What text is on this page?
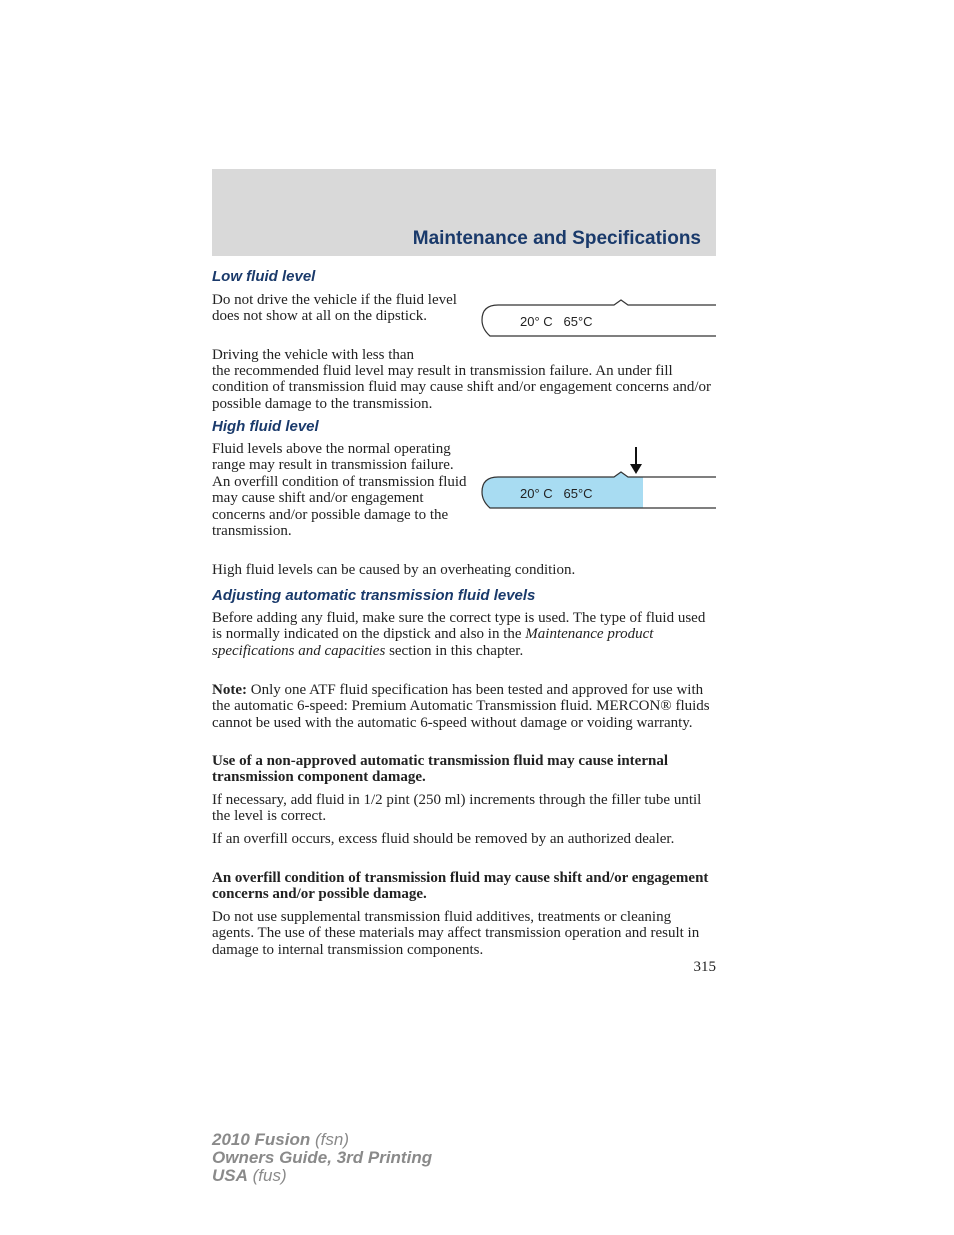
Maintenance and Specifications
Low fluid level

Do not drive the vehicle if the fluid level does not show at all on the dipstick.

Driving the vehicle with less than

the recommended fluid level may result in transmission failure. An under fill condition of transmission fluid may cause shift and/or engagement concerns and/or possible damage to the transmission.

20° C   65°C
High fluid level

Fluid levels above the normal operating range may result in transmission failure. An overfill condition of transmission fluid may cause shift and/or engagement concerns and/or possible damage to the transmission.

High fluid levels can be caused by an overheating condition.

20° C   65°C
Adjusting automatic transmission fluid levels

Before adding any fluid, make sure the correct type is used. The type of fluid used is normally indicated on the dipstick and also in the Maintenance product specifications and capacities section in this chapter.

Note: Only one ATF fluid specification has been tested and approved for use with the automatic 6-speed: Premium Automatic Transmission fluid. MERCON® fluids cannot be used with the automatic 6-speed without damage or voiding warranty.

Use of a non-approved automatic transmission fluid may cause internal transmission component damage.

If necessary, add fluid in 1/2 pint (250 ml) increments through the filler tube until the level is correct.

If an overfill occurs, excess fluid should be removed by an authorized dealer.

An overfill condition of transmission fluid may cause shift and/or engagement concerns and/or possible damage.

Do not use supplemental transmission fluid additives, treatments or cleaning agents. The use of these materials may affect transmission operation and result in damage to internal transmission components.

315
2010 Fusion (fsn)
Owners Guide, 3rd Printing
USA (fus)
